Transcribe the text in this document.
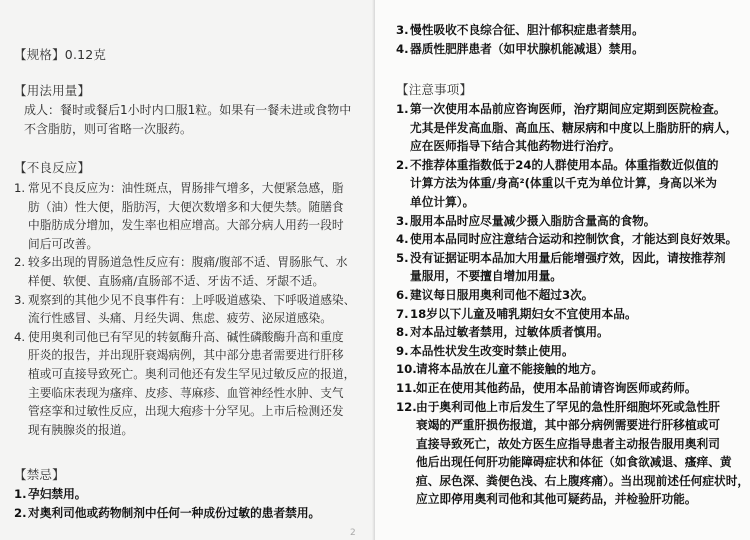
【规格】0.12克
【用法用量】
成人：餐时或餐后1小时内口服1粒。如果有一餐未进或食物中
不含脂肪，则可省略一次服药。
【不良反应】
1. 常见不良反应为：油性斑点，胃肠排气增多，大便紧急感，脂
肪（油）性大便，脂肪泻，大便次数增多和大便失禁。随膳食
中脂肪成分增加，发生率也相应增高。大部分病人用药一段时
间后可改善。
2. 较多出现的胃肠道急性反应有：腹痛/腹部不适、胃肠胀气、水
样便、软便、直肠痛/直肠部不适、牙齿不适、牙龈不适。
3. 观察到的其他少见不良事件有：上呼吸道感染、下呼吸道感染、
流行性感冒、头痛、月经失调、焦虑、疲劳、泌尿道感染。
4. 使用奥利司他已有罕见的转氨酶升高、碱性磷酸酶升高和重度
肝炎的报告，并出现肝衰竭病例，其中部分患者需要进行肝移
植或可直接导致死亡。奥利司他还有发生罕见过敏反应的报道，
主要临床表现为瘙痒、皮疹、荨麻疹、血管神经性水肿、支气
管痉挛和过敏性反应，出现大疱疹十分罕见。上市后检测还发
现有胰腺炎的报道。
【禁忌】
1. 孕妇禁用。
2. 对奥利司他或药物制剂中任何一种成份过敏的患者禁用。
2
3. 慢性吸收不良综合征、胆汁郁积症患者禁用。
4. 器质性肥胖患者（如甲状腺机能减退）禁用。
【注意事项】
1. 第一次使用本品前应咨询医师，治疗期间应定期到医院检查。
尤其是伴发高血脂、高血压、糖尿病和中度以上脂肪肝的病人，
应在医师指导下结合其他药物进行治疗。
2. 不推荐体重指数低于24的人群使用本品。体重指数近似值的
计算方法为体重/身高²(体重以千克为单位计算，身高以米为
单位计算）。
3. 服用本品时应尽量减少摄入脂肪含量高的食物。
4. 使用本品同时应注意结合运动和控制饮食，才能达到良好效果。
5. 没有证据证明本品加大用量后能增强疗效，因此，请按推荐剂
量服用，不要擅自增加用量。
6. 建议每日服用奥利司他不超过3次。
7. 18岁以下儿童及哺乳期妇女不宜使用本品。
8. 对本品过敏者禁用，过敏体质者慎用。
9. 本品性状发生改变时禁止使用。
10. 请将本品放在儿童不能接触的地方。
11. 如正在使用其他药品，使用本品前请咨询医师或药师。
12. 由于奥利司他上市后发生了罕见的急性肝细胞坏死或急性肝
衰竭的严重肝损伤报道，其中部分病例需要进行肝移植或可
直接导致死亡，故处方医生应指导患者主动报告服用奥利司
他后出现任何肝功能障碍症状和体征（如食欲减退、瘙痒、黄
疸、尿色深、粪便色浅、右上腹疼痛）。当出现前述任何症状时，
应立即停用奥利司他和其他可疑药品，并检验肝功能。
